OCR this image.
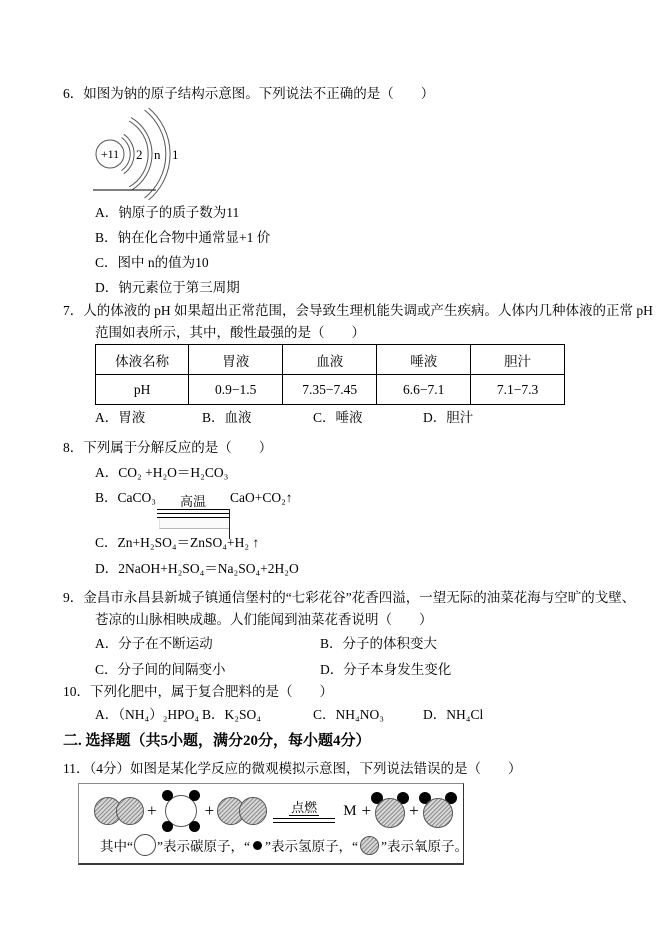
6．如图为钠的原子结构示意图。下列说法不正确的是（　　）

+11 2 n 1
A．钠原子的质子数为11
B．钠在化合物中通常显+1 价
C．图中 n的值为10
D．钠元素位于第三周期

7．人的体液的 pH 如果超出正常范围，会导致生理机能失调或产生疾病。人体内几种体液的正常 pH
范围如表所示，其中，酸性最强的是（　　）

体液名称	胃液	血液	唾液	胆汁
pH	0.9−1.5	7.35−7.45	6.6−7.1	7.1−7.3
A．胃液	B．血液	C．唾液	D．胆汁

8．下列属于分解反应的是（　　）

A．CO₂ +H₂O＝H₂CO₃
B．CaCO₃ 高温 CaO+CO₂↑
C．Zn+H₂SO₄＝ZnSO₄+H₂ ↑
D．2NaOH+H₂SO₄＝Na₂SO₄+2H₂O

9．金昌市永昌县新城子镇通信堡村的“七彩花谷”花香四溢，一望无际的油菜花海与空旷的戈壁、
苍凉的山脉相映成趣。人们能闻到油菜花香说明（　　）

A．分子在不断运动	B．分子的体积变大
C．分子间的间隔变小	D．分子本身发生变化

10．下列化肥中，属于复合肥料的是（　　）

A．（NH₄）₂HPO₄ B．K₂SO₄	C．NH₄NO₃	D．NH₄Cl

二. 选择题（共5小题，满分20分，每小题4分）

11．（4分）如图是某化学反应的微观模拟示意图，下列说法错误的是（　　）

+	+	点燃 M + +
其中“ ”表示碳原子，“ ”表示氢原子，“ ”表示氧原子。
